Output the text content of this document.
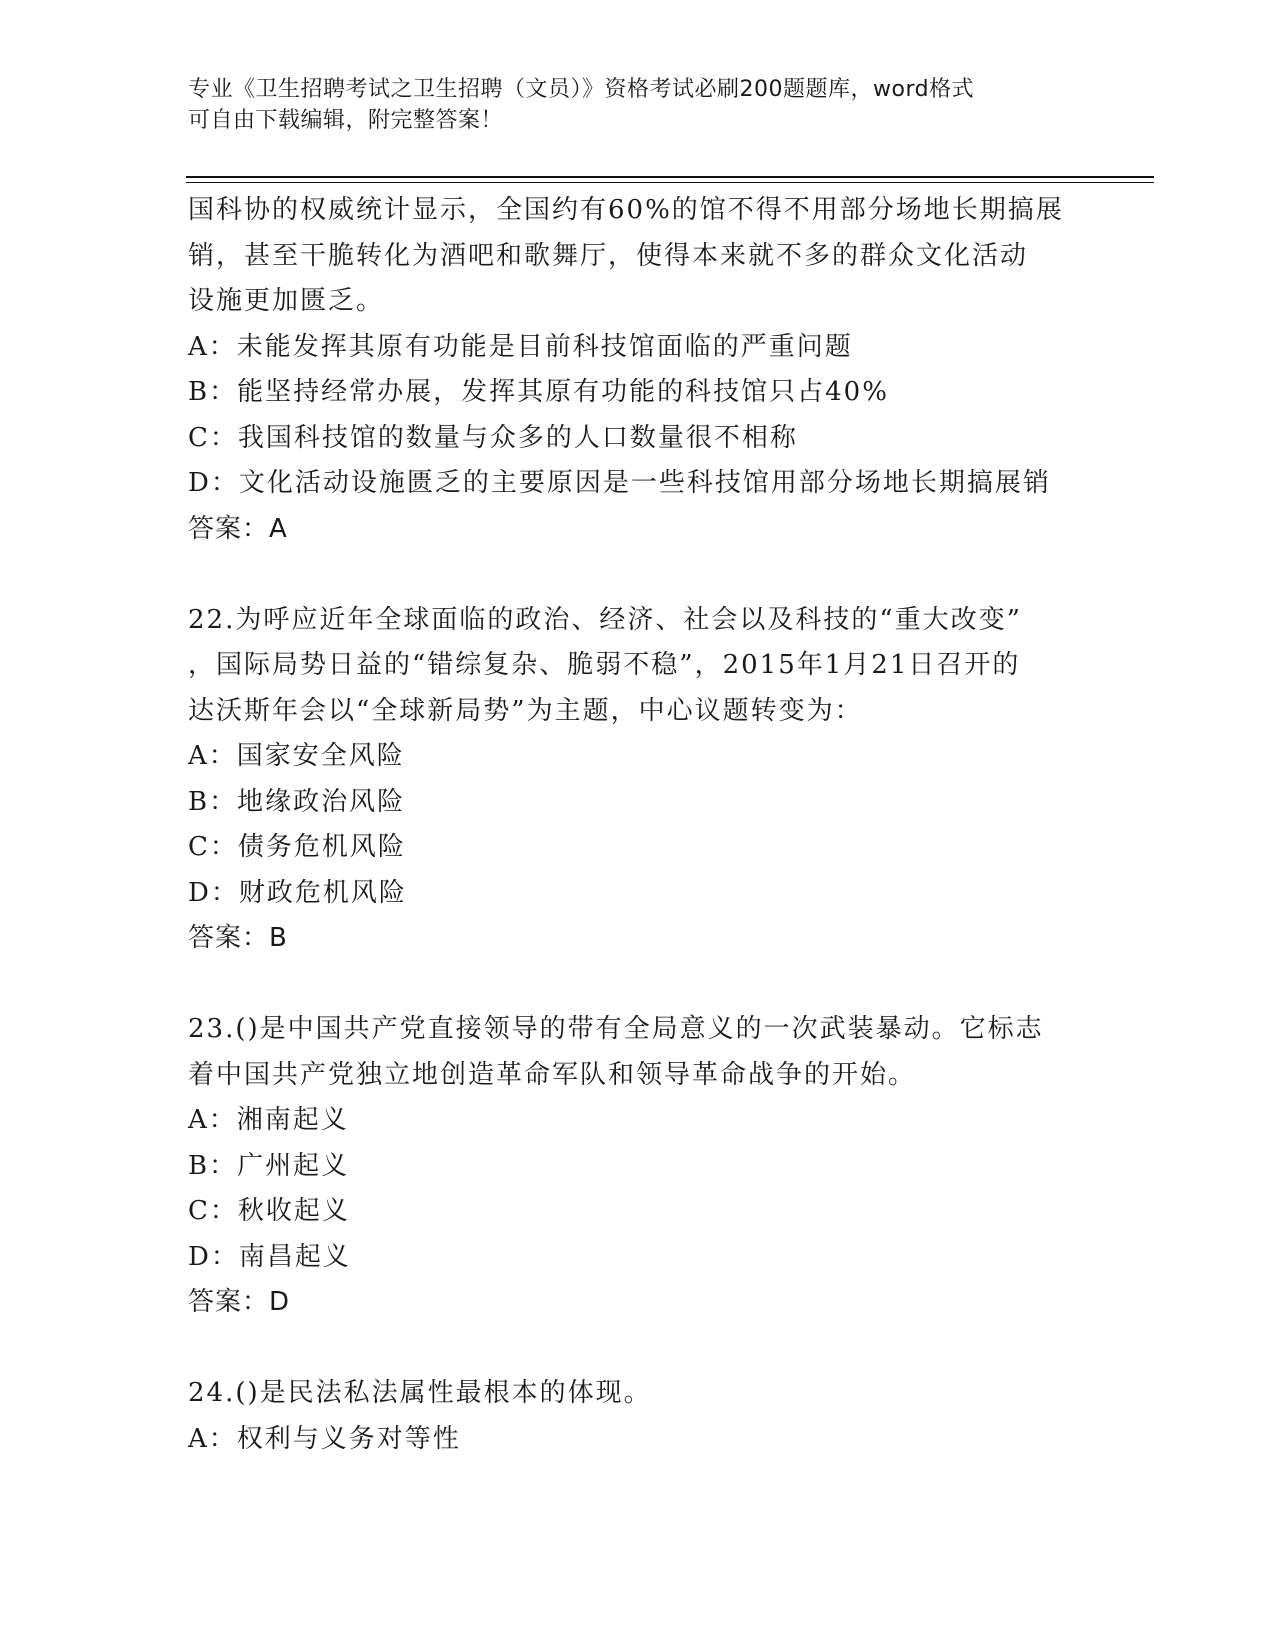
专业《卫生招聘考试之卫生招聘（文员）》资格考试必刷200题题库，word格式
可自由下载编辑，附完整答案！

国科协的权威统计显示，全国约有60%的馆不得不用部分场地长期搞展

销，甚至干脆转化为酒吧和歌舞厅，使得本来就不多的群众文化活动

设施更加匮乏。

A：未能发挥其原有功能是目前科技馆面临的严重问题

B：能坚持经常办展，发挥其原有功能的科技馆只占40%

C：我国科技馆的数量与众多的人口数量很不相称

D：文化活动设施匮乏的主要原因是一些科技馆用部分场地长期搞展销

答案：A

22.为呼应近年全球面临的政治、经济、社会以及科技的“重大改变”

，国际局势日益的“错综复杂、脆弱不稳”，2015年1月21日召开的

达沃斯年会以“全球新局势”为主题，中心议题转变为：

A：国家安全风险

B：地缘政治风险

C：债务危机风险

D：财政危机风险

答案：B

23.()是中国共产党直接领导的带有全局意义的一次武装暴动。它标志

着中国共产党独立地创造革命军队和领导革命战争的开始。

A：湘南起义

B：广州起义

C：秋收起义

D：南昌起义

答案：D

24.()是民法私法属性最根本的体现。

A：权利与义务对等性
